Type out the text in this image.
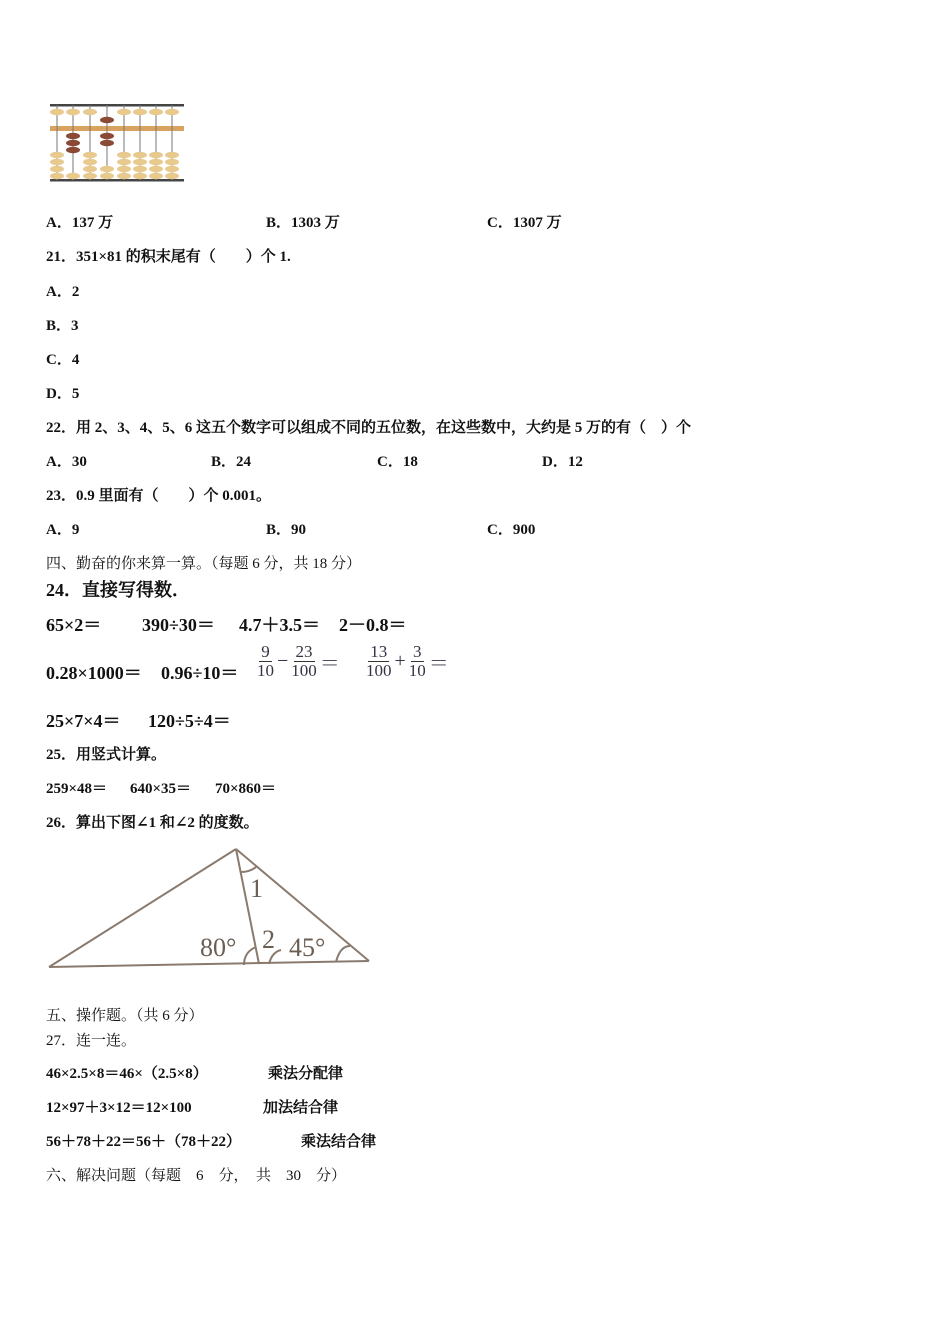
A．137 万	B．1303 万	C．1307 万
21．351×81 的积末尾有（　　）个 1.
A．2
B．3
C．4
D．5
22．用 2、3、4、5、6 这五个数字可以组成不同的五位数，在这些数中，大约是 5 万的有（　）个
A．30	B．24	C．18	D．12
23．0.9 里面有（　　）个 0.001。
A．9	B．90	C．900
四、勤奋的你来算一算。（每题 6 分，共 18 分）
24．直接写得数．
65×2＝ 390÷30＝ 4.7＋3.5＝ 2－0.8＝
$0.28\times 1000= 0.96\div 10= \frac{9}{10} - \frac{23}{100} = \frac{13}{100} + \frac{3}{10}$ ＝
25×7×4＝ 120÷5÷4＝
25．用竖式计算。
259×48＝ 640×35＝ 70×860＝
26．算出下图∠1 和∠2 的度数。
1
2
80° 45°
五、操作题。（共 6 分）
27．连一连。
46×2.5×8＝46×（2.5×8）	乘法分配律
12×97＋3×12＝12×100	加法结合律
56＋78＋22＝56＋（78＋22）	乘法结合律
六、解决问题（每题　6　分，　共　30　分）
